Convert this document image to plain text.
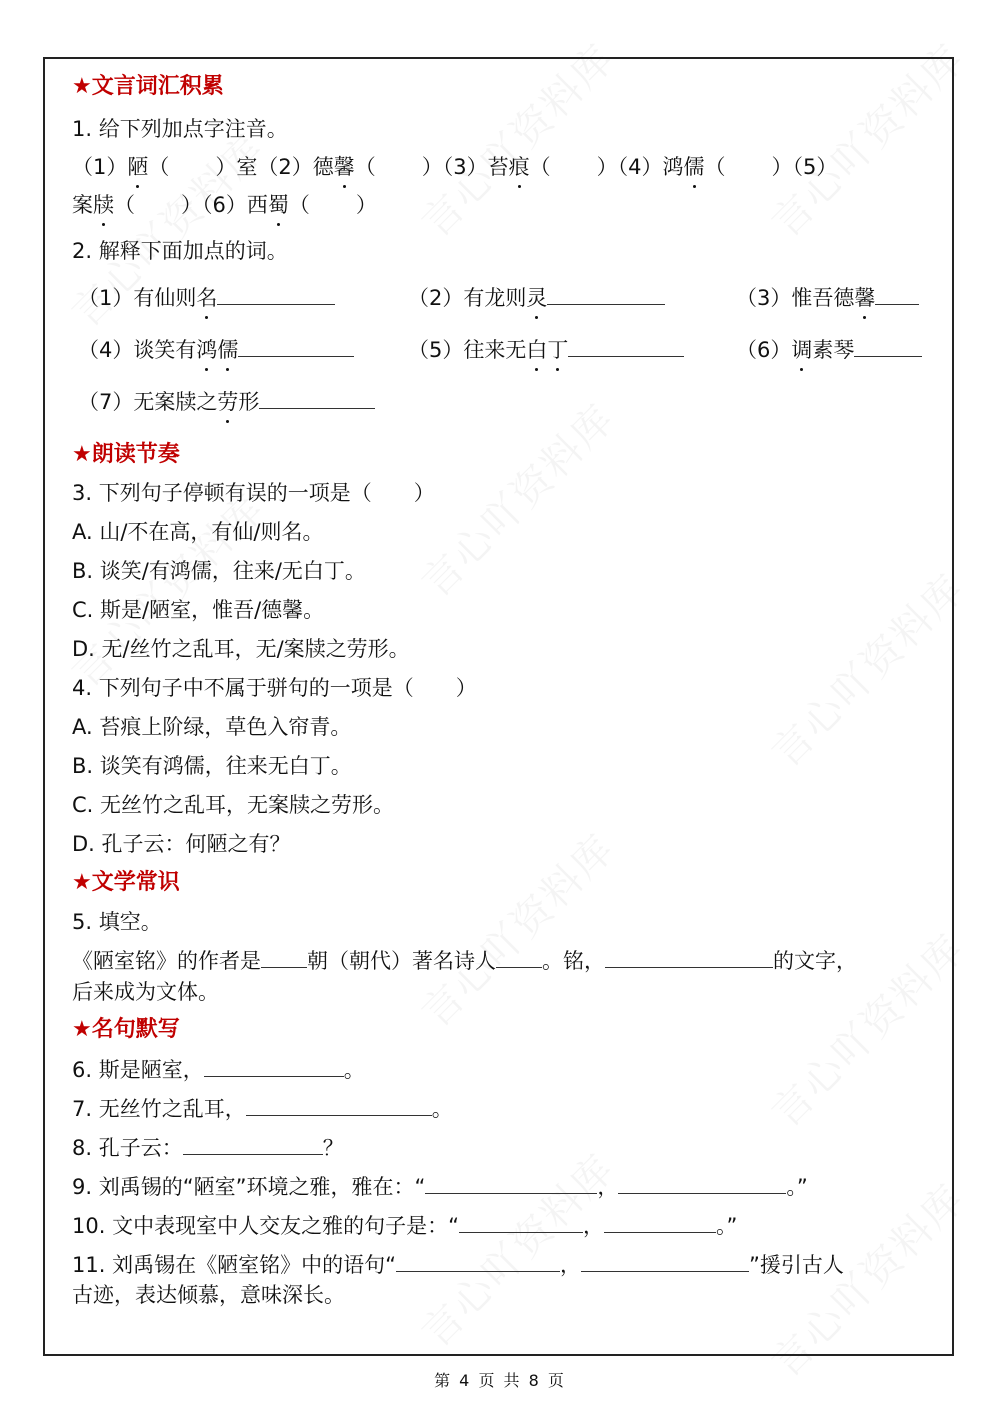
★文言词汇积累
1. 给下列加点字注音。
（1）陋（ ）室（2）德馨（ ）（3）苔痕（ ）（4）鸿儒（ ）（5）
案牍（ ）（6）西蜀（ ）
2. 解释下面加点的词。
（1）有仙则名	（2）有龙则灵	（3）惟吾德馨
（4）谈笑有鸿儒	（5）往来无白丁	（6）调素琴
（7）无案牍之劳形
★朗读节奏
3. 下列句子停顿有误的一项是（　　）
A. 山/不在高，有仙/则名。
B. 谈笑/有鸿儒，往来/无白丁。
C. 斯是/陋室，惟吾/德馨。
D. 无/丝竹之乱耳，无/案牍之劳形。
4. 下列句子中不属于骈句的一项是（　　）
A. 苔痕上阶绿，草色入帘青。
B. 谈笑有鸿儒，往来无白丁。
C. 无丝竹之乱耳，无案牍之劳形。
D. 孔子云：何陋之有？
★文学常识
5. 填空。
《陋室铭》的作者是 朝（朝代）著名诗人 。铭，	的文字，
后来成为文体。
★名句默写
6. 斯是陋室，	。
7. 无丝竹之乱耳，	。
8. 孔子云：	？
9. 刘禹锡的“陋室”环境之雅，雅在：“	，	。”
10. 文中表现室中人交友之雅的句子是：“	，	。”
11. 刘禹锡在《陋室铭》中的语句“	，	”援引古人
古迹，表达倾慕，意味深长。
第 4 页 共 8 页
